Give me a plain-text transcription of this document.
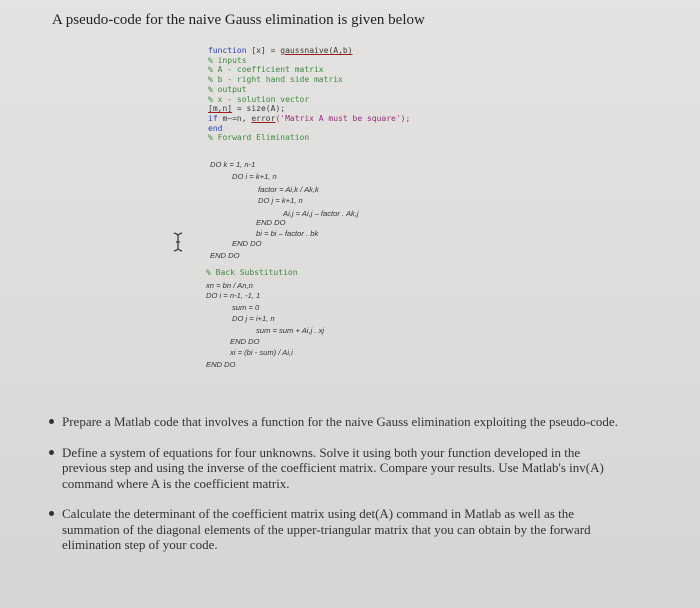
A pseudo-code for the naive Gauss elimination is given below
function [x] = gaussnaive(A,b)
% inputs
% A - coefficient matrix
% b - right hand side matrix
% output
% x - solution vector
[m,n] = size(A);
if m~=n, error('Matrix A must be square');
end
% Forward Elimination
DO k = 1, n-1
DO i = k+1, n
factor = Ai,k / Ak,k
DO j = k+1, n
Ai,j = Ai,j – factor . Ak,j
END DO
bi = bi – factor . bk
END DO
END DO
% Back Substitution
xn = bn / An,n
DO i = n-1, -1, 1
sum = 0
DO j = i+1, n
sum = sum + Ai,j . xj
END DO
xi = (bi - sum) / Ai,i
END DO
Prepare a Matlab code that involves a function for the naive Gauss elimination exploiting the pseudo-code.
Define a system of equations for four unknowns. Solve it using both your function developed in the previous step and using the inverse of the coefficient matrix. Compare your results. Use Matlab's inv(A) command where A is the coefficient matrix.
Calculate the determinant of the coefficient matrix using det(A) command in Matlab as well as the summation of the diagonal elements of the upper-triangular matrix that you can obtain by the forward elimination step of your code.
